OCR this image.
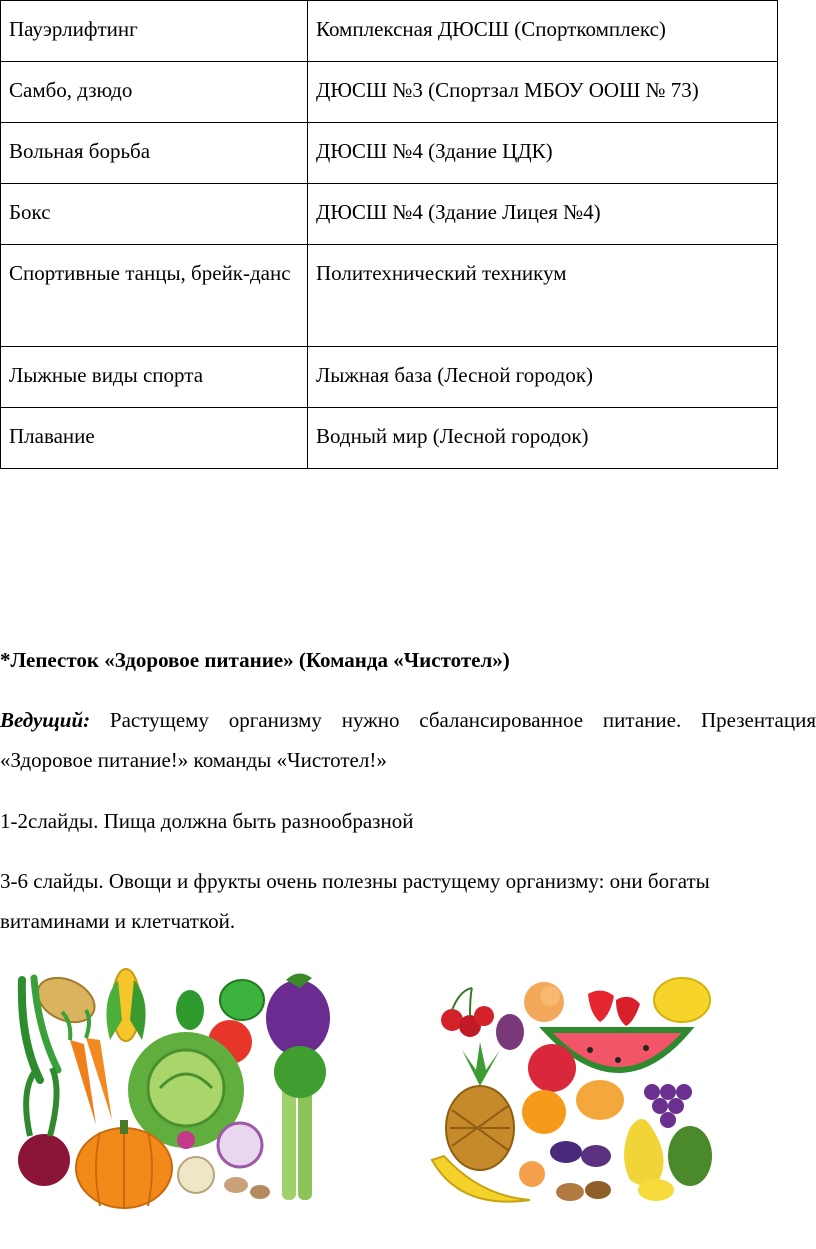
Пауэрлифтинг	Комплексная ДЮСШ (Спорткомплекс)
Самбо, дзюдо	ДЮСШ №3 (Спортзал МБОУ ООШ № 73)
Вольная борьба	ДЮСШ №4 (Здание ЦДК)
Бокс	ДЮСШ №4 (Здание Лицея №4)
Спортивные танцы, брейк-данс	Политехнический техникум
Лыжные виды спорта	Лыжная база (Лесной городок)
Плавание	Водный мир (Лесной городок)

*Лепесток «Здоровое питание» (Команда «Чистотел»)

Ведущий: Растущему организму нужно сбалансированное питание. Презентация «Здоровое питание!» команды «Чистотел!»

1-2слайды. Пища должна быть разнообразной

3-6 слайды. Овощи и фрукты очень полезны растущему организму: они богаты витаминами и клетчаткой.
